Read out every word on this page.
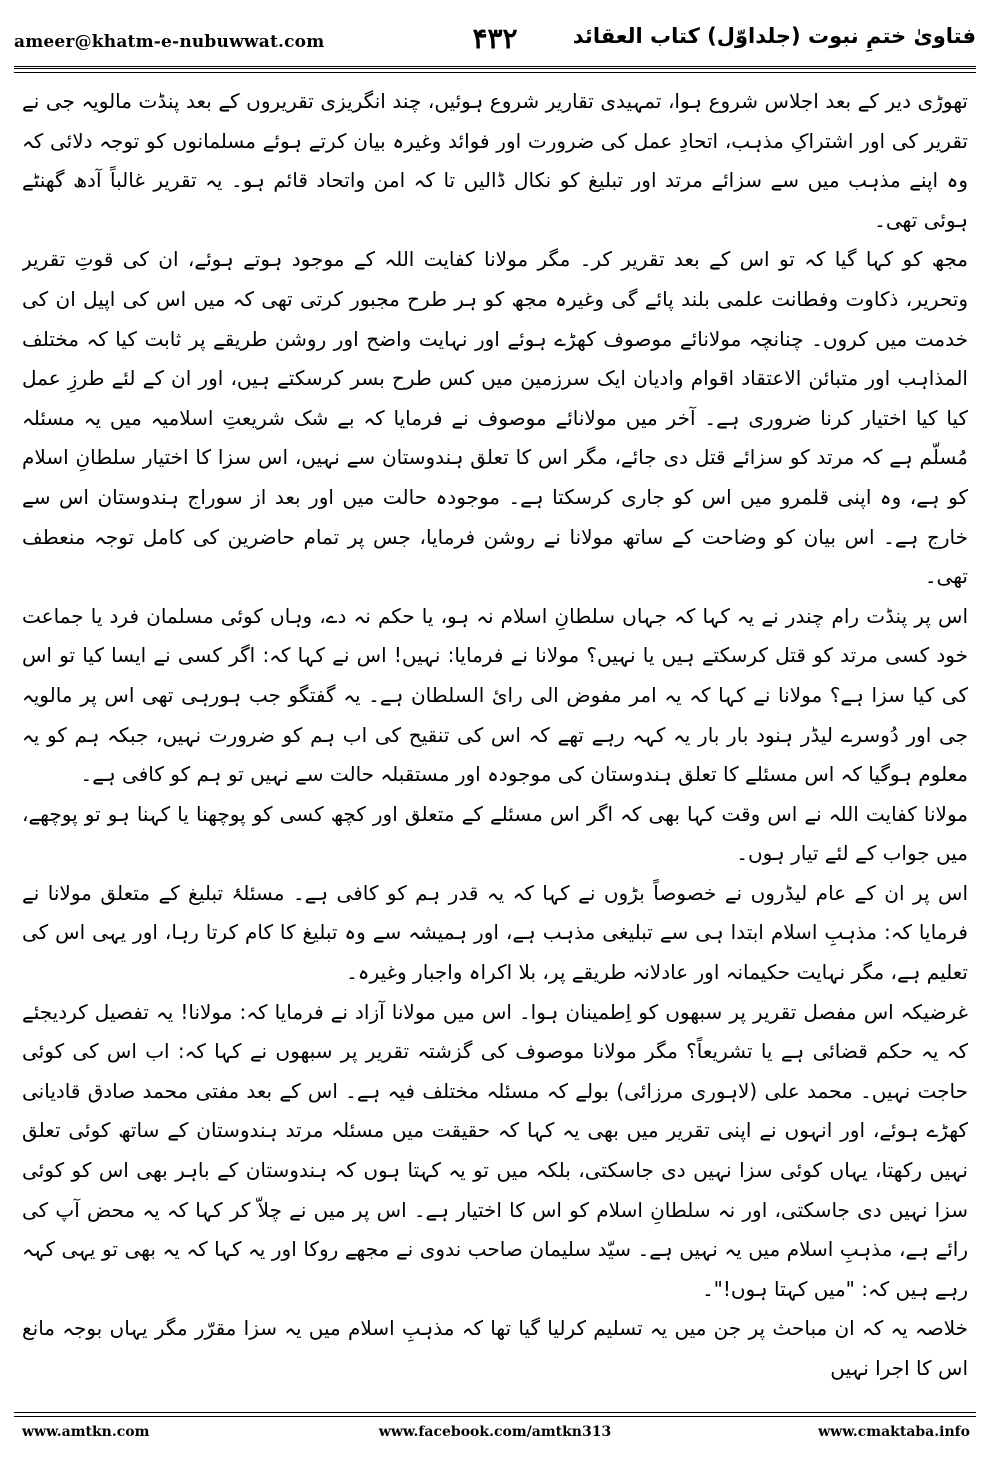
ameer@khatm-e-nubuwwat.com	۴۳۲	فتاویٰ ختمِ نبوت (جلداوّل) کتاب العقائد

تھوڑی دیر کے بعد اجلاس شروع ہوا، تمہیدی تقاریر شروع ہوئیں، چند انگریزی تقریروں کے بعد پنڈت مالویہ جی نے تقریر کی اور اشتراکِ مذہب، اتحادِ عمل کی ضرورت اور فوائد وغیرہ بیان کرتے ہوئے مسلمانوں کو توجہ دلائی کہ وہ اپنے مذہب میں سے سزائے مرتد اور تبلیغ کو نکال ڈالیں تا کہ امن واتحاد قائم ہو۔ یہ تقریر غالباً آدھ گھنٹے ہوئی تھی۔

مجھ کو کہا گیا کہ تو اس کے بعد تقریر کر۔ مگر مولانا کفایت اللہ کے موجود ہوتے ہوئے، ان کی قوتِ تقریر وتحریر، ذکاوت وفطانت علمی بلند پائے گی وغیرہ مجھ کو ہر طرح مجبور کرتی تھی کہ میں اس کی اپیل ان کی خدمت میں کروں۔ چنانچہ مولانائے موصوف کھڑے ہوئے اور نہایت واضح اور روشن طریقے پر ثابت کیا کہ مختلف المذاہب اور متبائن الاعتقاد اقوام وادیان ایک سرزمین میں کس طرح بسر کرسکتے ہیں، اور ان کے لئے طرزِ عمل کیا کیا اختیار کرنا ضروری ہے۔ آخر میں مولانائے موصوف نے فرمایا کہ بے شک شریعتِ اسلامیہ میں یہ مسئلہ مُسلّم ہے کہ مرتد کو سزائے قتل دی جائے، مگر اس کا تعلق ہندوستان سے نہیں، اس سزا کا اختیار سلطانِ اسلام کو ہے، وہ اپنی قلمرو میں اس کو جاری کرسکتا ہے۔ موجودہ حالت میں اور بعد از سوراج ہندوستان اس سے خارج ہے۔ اس بیان کو وضاحت کے ساتھ مولانا نے روشن فرمایا، جس پر تمام حاضرین کی کامل توجہ منعطف تھی۔

اس پر پنڈت رام چندر نے یہ کہا کہ جہاں سلطانِ اسلام نہ ہو، یا حکم نہ دے، وہاں کوئی مسلمان فرد یا جماعت خود کسی مرتد کو قتل کرسکتے ہیں یا نہیں؟ مولانا نے فرمایا: نہیں! اس نے کہا کہ: اگر کسی نے ایسا کیا تو اس کی کیا سزا ہے؟ مولانا نے کہا کہ یہ امر مفوض الی رائ السلطان ہے۔ یہ گفتگو جب ہورہی تھی اس پر مالویہ جی اور دُوسرے لیڈر ہنود بار بار یہ کہہ رہے تھے کہ اس کی تنقیح کی اب ہم کو ضرورت نہیں، جبکہ ہم کو یہ معلوم ہوگیا کہ اس مسئلے کا تعلق ہندوستان کی موجودہ اور مستقبلہ حالت سے نہیں تو ہم کو کافی ہے۔

مولانا کفایت اللہ نے اس وقت کہا بھی کہ اگر اس مسئلے کے متعلق اور کچھ کسی کو پوچھنا یا کہنا ہو تو پوچھے، میں جواب کے لئے تیار ہوں۔

اس پر ان کے عام لیڈروں نے خصوصاً بڑوں نے کہا کہ یہ قدر ہم کو کافی ہے۔ مسئلۂ تبلیغ کے متعلق مولانا نے فرمایا کہ: مذہبِ اسلام ابتدا ہی سے تبلیغی مذہب ہے، اور ہمیشہ سے وہ تبلیغ کا کام کرتا رہا، اور یہی اس کی تعلیم ہے، مگر نہایت حکیمانہ اور عادلانہ طریقے پر، بلا اکراہ واجبار وغیرہ۔

غرضیکہ اس مفصل تقریر پر سبھوں کو اِطمینان ہوا۔ اس میں مولانا آزاد نے فرمایا کہ: مولانا! یہ تفصیل کردیجئے کہ یہ حکم قضائی ہے یا تشریعاً؟ مگر مولانا موصوف کی گزشتہ تقریر پر سبھوں نے کہا کہ: اب اس کی کوئی حاجت نہیں۔ محمد علی (لاہوری مرزائی) بولے کہ مسئلہ مختلف فیہ ہے۔ اس کے بعد مفتی محمد صادق قادیانی کھڑے ہوئے، اور انہوں نے اپنی تقریر میں بھی یہ کہا کہ حقیقت میں مسئلہ مرتد ہندوستان کے ساتھ کوئی تعلق نہیں رکھتا، یہاں کوئی سزا نہیں دی جاسکتی، بلکہ میں تو یہ کہتا ہوں کہ ہندوستان کے باہر بھی اس کو کوئی سزا نہیں دی جاسکتی، اور نہ سلطانِ اسلام کو اس کا اختیار ہے۔ اس پر میں نے چلاّ کر کہا کہ یہ محض آپ کی رائے ہے، مذہبِ اسلام میں یہ نہیں ہے۔ سیّد سلیمان صاحب ندوی نے مجھے روکا اور یہ کہا کہ یہ بھی تو یہی کہہ رہے ہیں کہ: "میں کہتا ہوں!"۔

خلاصہ یہ کہ ان مباحث پر جن میں یہ تسلیم کرلیا گیا تھا کہ مذہبِ اسلام میں یہ سزا مقرّر مگر یہاں بوجہ مانع اس کا اجرا نہیں

www.amtkn.com	www.facebook.com/amtkn313	www.cmaktaba.info
